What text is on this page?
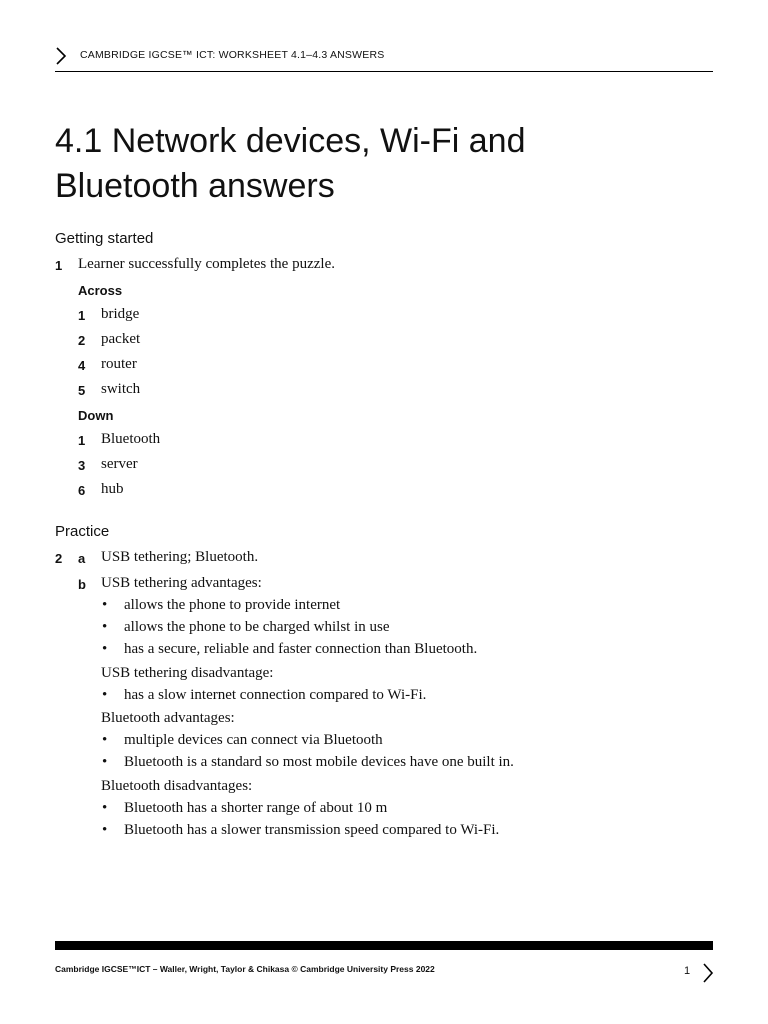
CAMBRIDGE IGCSE™ ICT: WORKSHEET 4.1–4.3 ANSWERS
4.1 Network devices, Wi-Fi and
Bluetooth answers
Getting started
1 Learner successfully completes the puzzle.
Across
1 bridge
2 packet
4 router
5 switch
Down
1 Bluetooth
3 server
6 hub
Practice
2 a USB tethering; Bluetooth.
b USB tethering advantages:
• allows the phone to provide internet
• allows the phone to be charged whilst in use
• has a secure, reliable and faster connection than Bluetooth.
USB tethering disadvantage:
• has a slow internet connection compared to Wi-Fi.
Bluetooth advantages:
• multiple devices can connect via Bluetooth
• Bluetooth is a standard so most mobile devices have one built in.
Bluetooth disadvantages:
• Bluetooth has a shorter range of about 10 m
• Bluetooth has a slower transmission speed compared to Wi-Fi.
Cambridge IGCSE™ICT – Waller, Wright, Taylor & Chikasa © Cambridge University Press 2022	1
